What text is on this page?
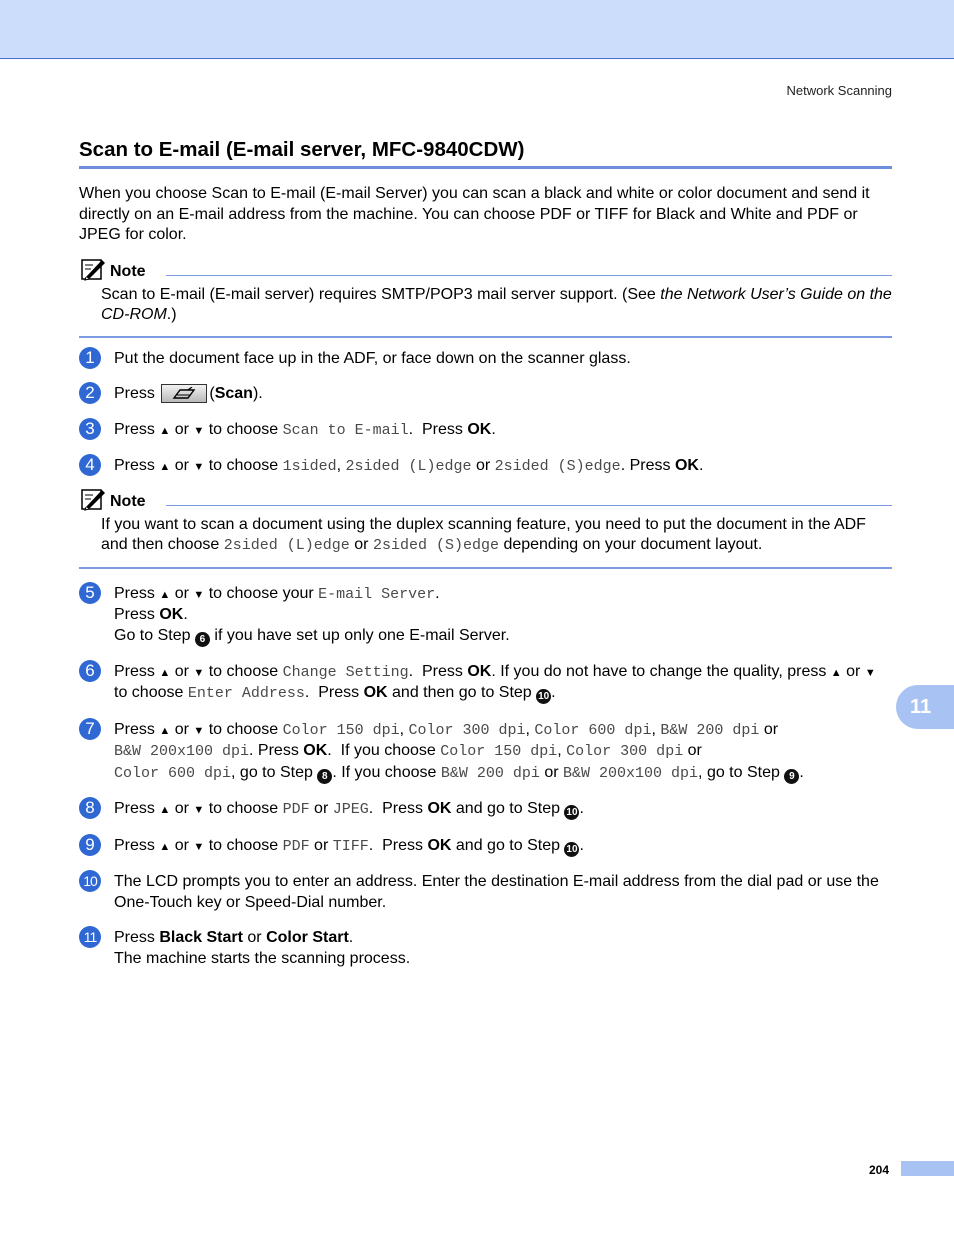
Network Scanning
Scan to E-mail (E-mail server, MFC-9840CDW)

When you choose Scan to E-mail (E-mail Server) you can scan a black and white or color document and send it directly on an E-mail address from the machine. You can choose PDF or TIFF for Black and White and PDF or JPEG for color.

Note
Scan to E-mail (E-mail server) requires SMTP/POP3 mail server support. (See the Network User’s Guide on the CD-ROM.)
1	Put the document face up in the ADF, or face down on the scanner glass.
2	Press	(Scan).
3	Press ▲ or ▼ to choose Scan to E-mail.  Press OK.
4	Press ▲ or ▼ to choose 1sided, 2sided (L)edge or 2sided (S)edge. Press OK.
Note
If you want to scan a document using the duplex scanning feature, you need to put the document in the ADF and then choose 2sided (L)edge or 2sided (S)edge depending on your document layout.
5	Press ▲ or ▼ to choose your E-mail Server.
Press OK.
Go to Step 6 if you have set up only one E-mail Server.
6	Press ▲ or ▼ to choose Change Setting.  Press OK. If you do not have to change the quality, press ▲ or ▼ to choose Enter Address.  Press OK and then go to Step 10 .
7	Press ▲ or ▼ to choose Color 150 dpi, Color 300 dpi, Color 600 dpi, B&W 200 dpi or
B&W 200x100 dpi. Press OK.  If you choose Color 150 dpi, Color 300 dpi or
Color 600 dpi, go to Step 8 . If you choose B&W 200 dpi or B&W 200x100 dpi, go to Step 9 .
8	Press ▲ or ▼ to choose PDF or JPEG.  Press OK and go to Step 10 .
9	Press ▲ or ▼ to choose PDF or TIFF.  Press OK and go to Step 10 .
10 The LCD prompts you to enter an address. Enter the destination E-mail address from the dial pad or use the One-Touch key or Speed-Dial number.
11 Press Black Start or Color Start.
The machine starts the scanning process.
11
204
